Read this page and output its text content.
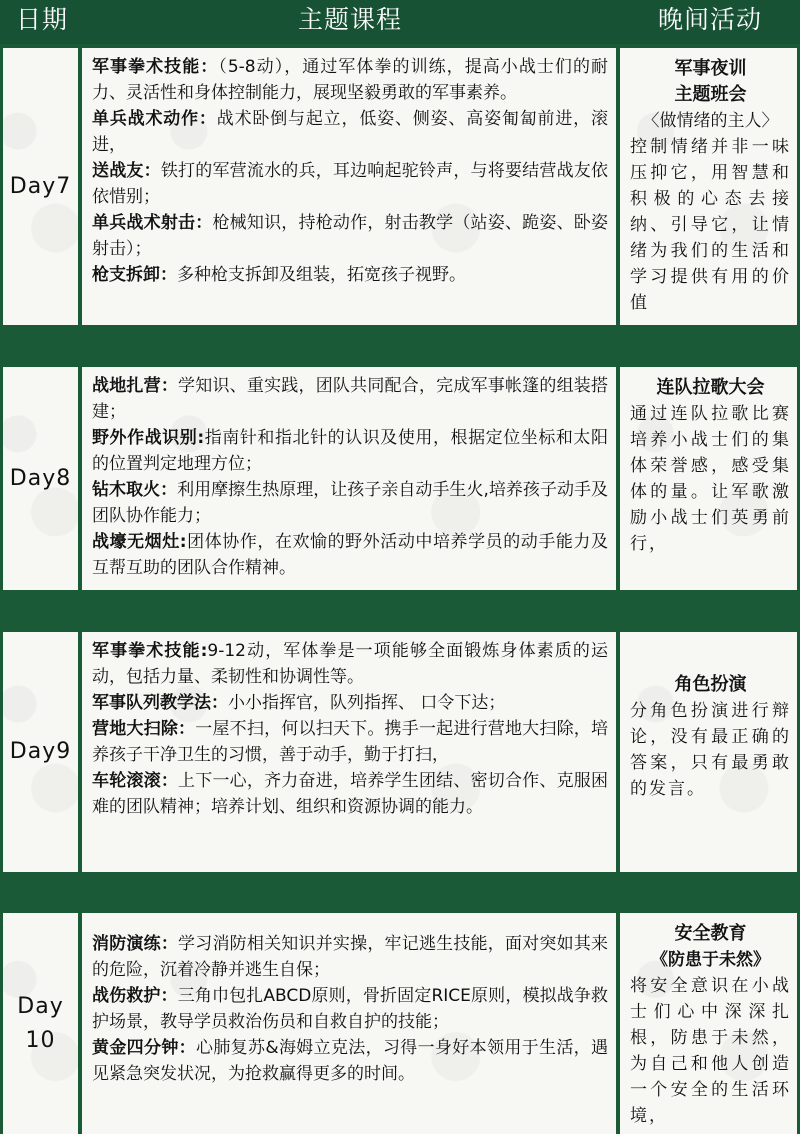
日期	主题课程	晚间活动
Day7

军事拳术技能：（5-8动），通过军体拳的训练，提高小战士们的耐力、灵活性和身体控制能力，展现坚毅勇敢的军事素养。

单兵战术动作：战术卧倒与起立，低姿、侧姿、高姿匍匐前进，滚进，

送战友：铁打的军营流水的兵，耳边响起驼铃声，与将要结营战友依依惜别；

单兵战术射击：枪械知识，持枪动作，射击教学（站姿、跪姿、卧姿射击）；

枪支拆卸：多种枪支拆卸及组装，拓宽孩子视野。

军事夜训
主题班会
〈做情绪的主人〉
控制情绪并非一味压抑它，用智慧和积极的心态去接纳、引导它，让情绪为我们的生活和学习提供有用的价值
Day8

战地扎营：学知识、重实践，团队共同配合，完成军事帐篷的组装搭建；

野外作战识别:指南针和指北针的认识及使用，根据定位坐标和太阳的位置判定地理方位；

钻木取火：利用摩擦生热原理，让孩子亲自动手生火,培养孩子动手及团队协作能力；

战壕无烟灶:团体协作，在欢愉的野外活动中培养学员的动手能力及互帮互助的团队合作精神。

连队拉歌大会
通过连队拉歌比赛培养小战士们的集体荣誉感，感受集体的量。让军歌激励小战士们英勇前行，
Day9

军事拳术技能:9-12动，军体拳是一项能够全面锻炼身体素质的运动，包括力量、柔韧性和协调性等。

军事队列教学法：小小指挥官，队列指挥、 口令下达；

营地大扫除：一屋不扫，何以扫天下。携手一起进行营地大扫除，培养孩子干净卫生的习惯，善于动手，勤于打扫，

车轮滚滚：上下一心，齐力奋进，培养学生团结、密切合作、克服困难的团队精神；培养计划、组织和资源协调的能力。

角色扮演
分角色扮演进行辩论，没有最正确的答案，只有最勇敢的发言。
Day
10

消防演练：学习消防相关知识并实操，牢记逃生技能，面对突如其来的危险，沉着冷静并逃生自保；

战伤救护：三角巾包扎ABCD原则，骨折固定RICE原则，模拟战争救护场景，教导学员救治伤员和自救自护的技能；

黄金四分钟：心肺复苏&海姆立克法，习得一身好本领用于生活，遇见紧急突发状况，为抢救赢得更多的时间。

安全教育
《防患于未然》
将安全意识在小战士们心中深深扎根，防患于未然，为自己和他人创造一个安全的生活环境，
